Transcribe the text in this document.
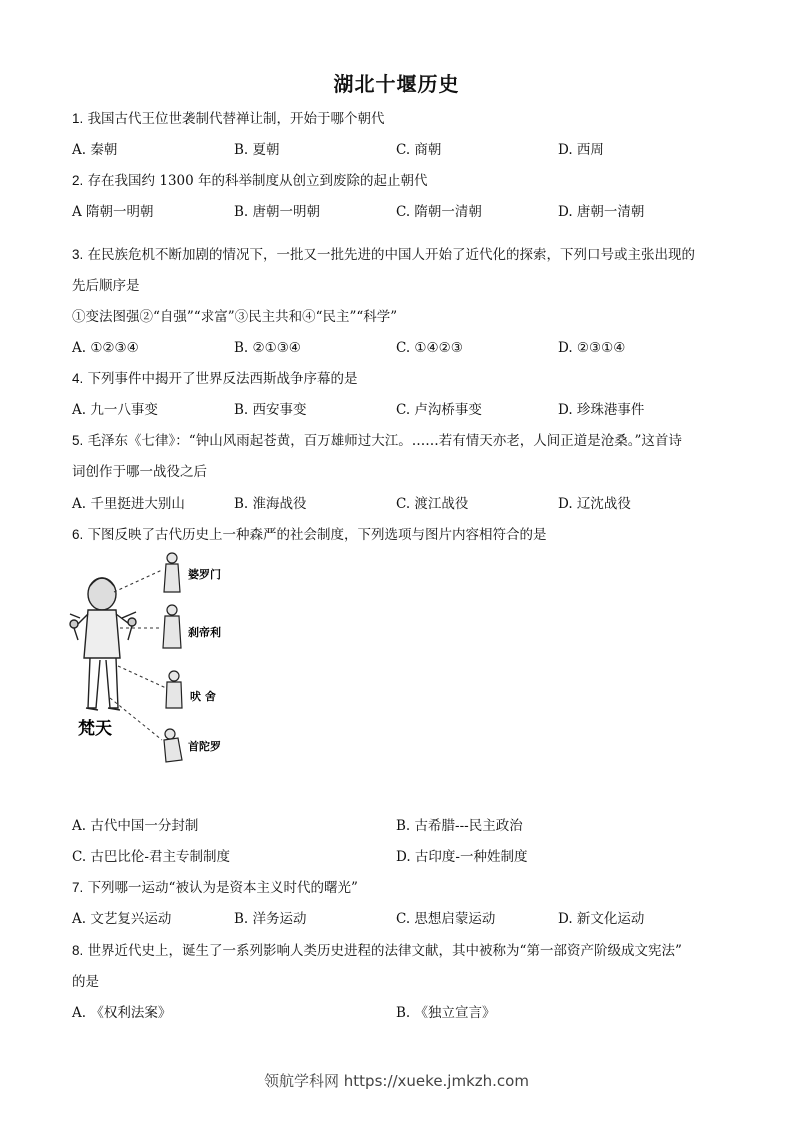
湖北十堰历史
1. 我国古代王位世袭制代替禅让制，开始于哪个朝代
A. 秦朝	B. 夏朝	C. 商朝	D. 西周
2. 存在我国约 1300 年的科举制度从创立到废除的起止朝代
A 隋朝一明朝	B. 唐朝一明朝	C. 隋朝一清朝	D. 唐朝一清朝
3. 在民族危机不断加剧的情况下，一批又一批先进的中国人开始了近代化的探索，下列口号或主张出现的
先后顺序是
①变法图强②“自强”“求富”③民主共和④“民主”“科学”
A. ①②③④	B. ②①③④	C. ①④②③	D. ②③①④
4. 下列事件中揭开了世界反法西斯战争序幕的是
A. 九一八事变	B. 西安事变	C. 卢沟桥事变	D. 珍珠港事件
5. 毛泽东《七律》：“钟山风雨起苍黄，百万雄师过大江。……若有情天亦老，人间正道是沧桑。”这首诗
词创作于哪一战役之后
A. 千里挺进大别山	B. 淮海战役	C. 渡江战役	D. 辽沈战役
6. 下图反映了古代历史上一种森严的社会制度，下列选项与图片内容相符合的是
婆罗门
刹帝利
吠 舍
首陀罗
梵天
A. 古代中国一分封制	B. 古希腊---民主政治
C. 古巴比伦-君主专制制度	D. 古印度-一种姓制度
7. 下列哪一运动“被认为是资本主义时代的曙光”
A. 文艺复兴运动	B. 洋务运动	C. 思想启蒙运动	D. 新文化运动
8. 世界近代史上，诞生了一系列影响人类历史进程的法律文献，其中被称为“第一部资产阶级成文宪法”
的是
A. 《权利法案》	B. 《独立宣言》
领航学科网 https://xueke.jmkzh.com
